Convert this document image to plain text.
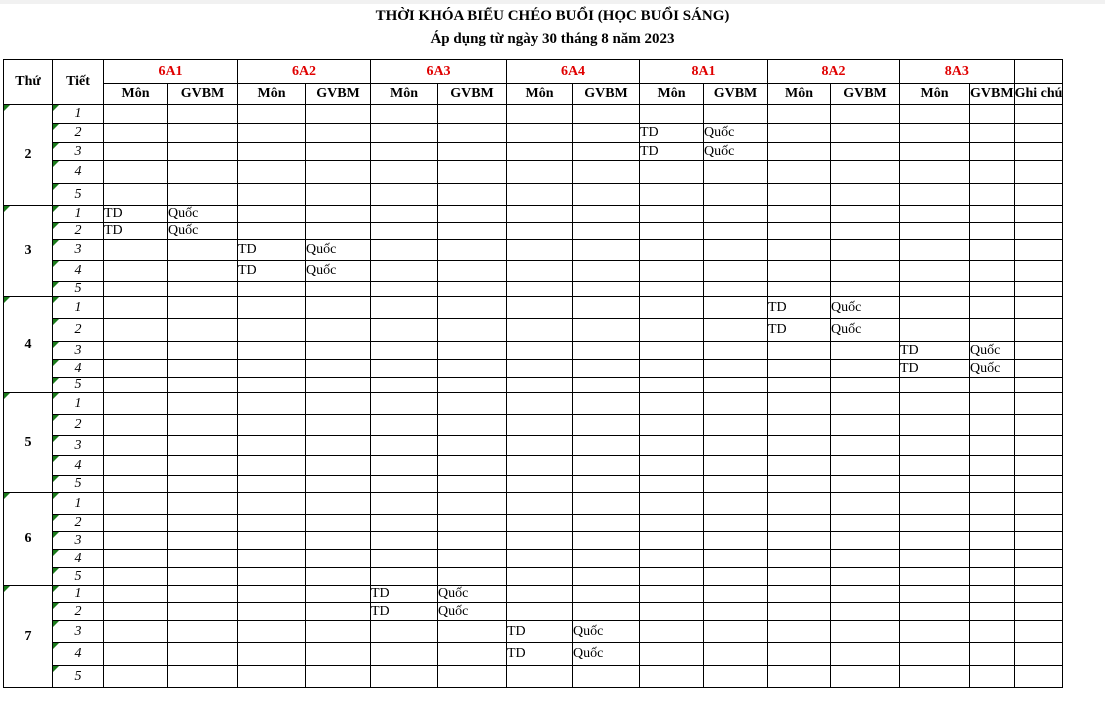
THỜI KHÓA BIỂU CHÉO BUỔI (HỌC BUỔI SÁNG)
Áp dụng từ ngày 30 tháng 8 năm 2023
Thứ	Tiết	6A1		6A2		6A3		6A4		8A1		8A2		8A3		
		Môn	GVBM	Môn	GVBM	Môn	GVBM	Môn	GVBM	Môn	GVBM	Môn	GVBM	Môn	GVBM	Ghi chú
2	1															
	2									TD	Quốc					
	3									TD	Quốc					
	4															
	5															
3	1	TD	Quốc													
	2	TD	Quốc													
	3			TD	Quốc											
	4			TD	Quốc											
	5															
4	1											TD	Quốc			
	2											TD	Quốc			
	3													TD	Quốc	
	4													TD	Quốc	
	5															
5	1															
	2															
	3															
	4															
	5															
6	1															
	2															
	3															
	4															
	5															
7	1					TD	Quốc									
	2					TD	Quốc									
	3							TD	Quốc							
	4							TD	Quốc							
	5															
